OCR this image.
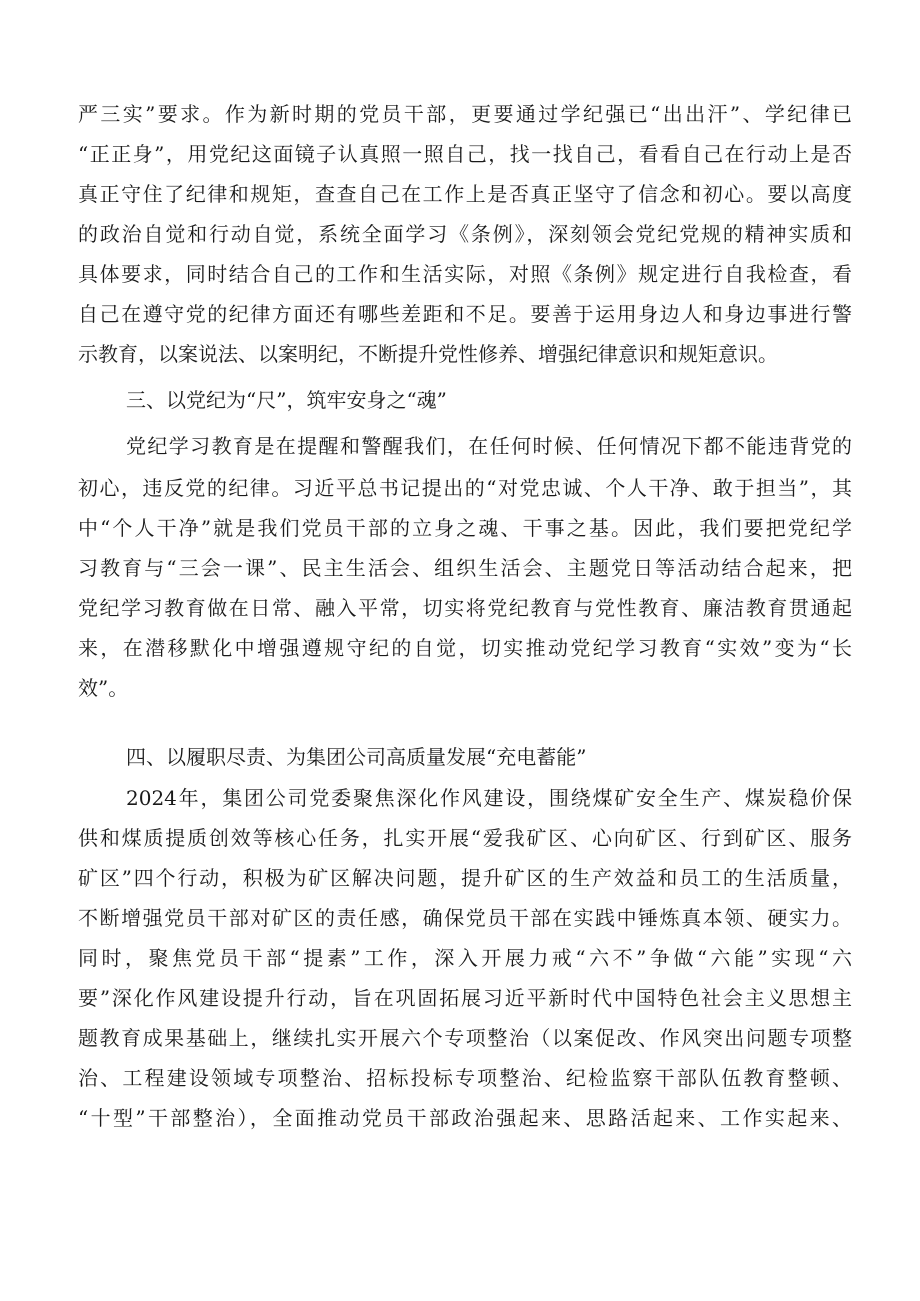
严三实”要求。作为新时期的党员干部，更要通过学纪强已“出出汗”、学纪律已
“正正身”，用党纪这面镜子认真照一照自己，找一找自己，看看自己在行动上是否
真正守住了纪律和规矩，查查自己在工作上是否真正坚守了信念和初心。要以高度
的政治自觉和行动自觉，系统全面学习《条例》，深刻领会党纪党规的精神实质和
具体要求，同时结合自己的工作和生活实际，对照《条例》规定进行自我检查，看
自己在遵守党的纪律方面还有哪些差距和不足。要善于运用身边人和身边事进行警
示教育，以案说法、以案明纪，不断提升党性修养、增强纪律意识和规矩意识。
三、以党纪为“尺”，筑牢安身之“魂”
党纪学习教育是在提醒和警醒我们，在任何时候、任何情况下都不能违背党的
初心，违反党的纪律。习近平总书记提出的“对党忠诚、个人干净、敢于担当”，其
中“个人干净”就是我们党员干部的立身之魂、干事之基。因此，我们要把党纪学
习教育与“三会一课”、民主生活会、组织生活会、主题党日等活动结合起来，把
党纪学习教育做在日常、融入平常，切实将党纪教育与党性教育、廉洁教育贯通起
来，在潜移默化中增强遵规守纪的自觉，切实推动党纪学习教育“实效”变为“长
效”。
四、以履职尽责、为集团公司高质量发展“充电蓄能”
2024年，集团公司党委聚焦深化作风建设，围绕煤矿安全生产、煤炭稳价保
供和煤质提质创效等核心任务，扎实开展“爱我矿区、心向矿区、行到矿区、服务
矿区”四个行动，积极为矿区解决问题，提升矿区的生产效益和员工的生活质量，
不断增强党员干部对矿区的责任感，确保党员干部在实践中锤炼真本领、硬实力。
同时，聚焦党员干部“提素”工作，深入开展力戒“六不”争做“六能”实现“六
要”深化作风建设提升行动，旨在巩固拓展习近平新时代中国特色社会主义思想主
题教育成果基础上，继续扎实开展六个专项整治（以案促改、作风突出问题专项整
治、工程建设领域专项整治、招标投标专项整治、纪检监察干部队伍教育整顿、
“十型”干部整治），全面推动党员干部政治强起来、思路活起来、工作实起来、
